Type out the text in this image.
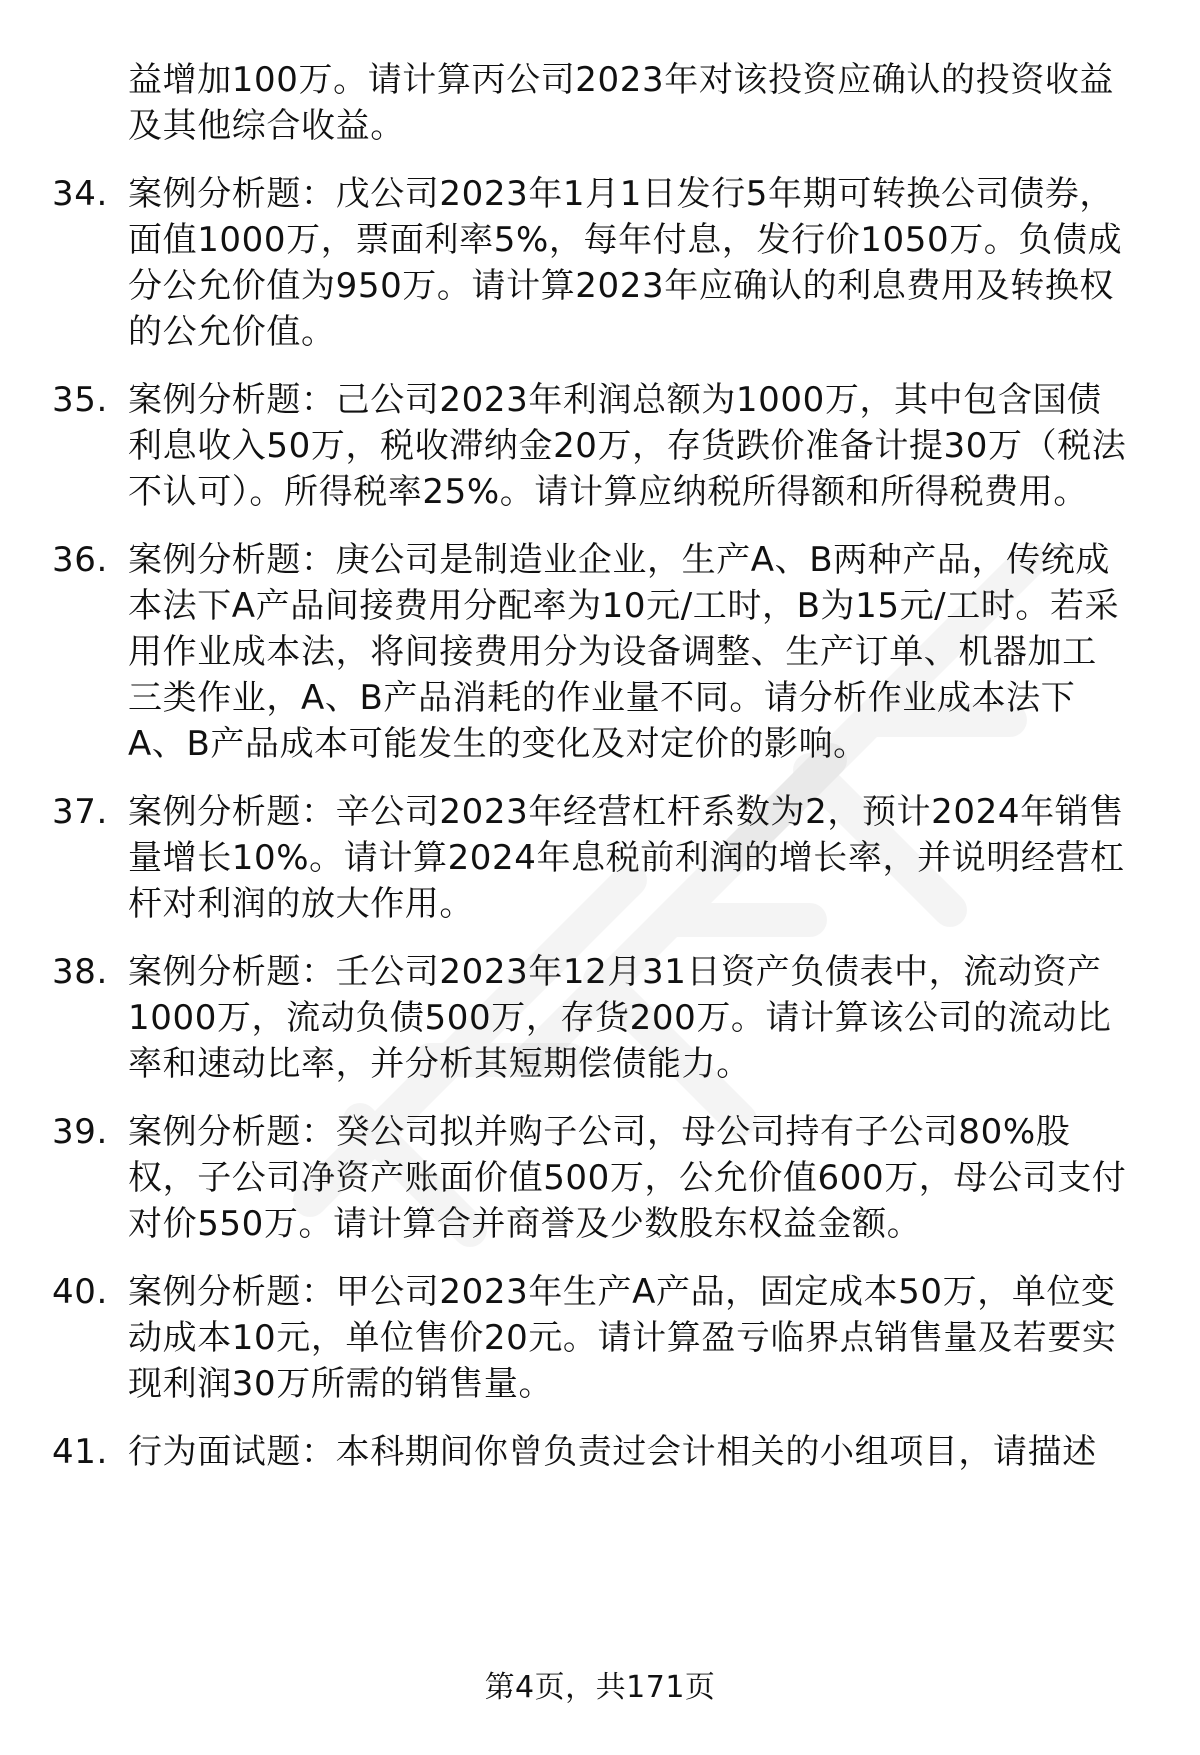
益增加100万。请计算丙公司2023年对该投资应确认的投资收益
及其他综合收益。
34. 案例分析题：戊公司2023年1月1日发行5年期可转换公司债券，
面值1000万，票面利率5%，每年付息，发行价1050万。负债成
分公允价值为950万。请计算2023年应确认的利息费用及转换权
的公允价值。
35. 案例分析题：己公司2023年利润总额为1000万，其中包含国债
利息收入50万，税收滞纳金20万，存货跌价准备计提30万（税法
不认可）。所得税率25%。请计算应纳税所得额和所得税费用。
36. 案例分析题：庚公司是制造业企业，生产A、B两种产品，传统成
本法下A产品间接费用分配率为10元/工时，B为15元/工时。若采
用作业成本法，将间接费用分为设备调整、生产订单、机器加工
三类作业，A、B产品消耗的作业量不同。请分析作业成本法下
A、B产品成本可能发生的变化及对定价的影响。
37. 案例分析题：辛公司2023年经营杠杆系数为2，预计2024年销售
量增长10%。请计算2024年息税前利润的增长率，并说明经营杠
杆对利润的放大作用。
38. 案例分析题：壬公司2023年12月31日资产负债表中，流动资产
1000万，流动负债500万，存货200万。请计算该公司的流动比
率和速动比率，并分析其短期偿债能力。
39. 案例分析题：癸公司拟并购子公司，母公司持有子公司80%股
权，子公司净资产账面价值500万，公允价值600万，母公司支付
对价550万。请计算合并商誉及少数股东权益金额。
40. 案例分析题：甲公司2023年生产A产品，固定成本50万，单位变
动成本10元，单位售价20元。请计算盈亏临界点销售量及若要实
现利润30万所需的销售量。
41. 行为面试题：本科期间你曾负责过会计相关的小组项目，请描述
第4页，共171页
